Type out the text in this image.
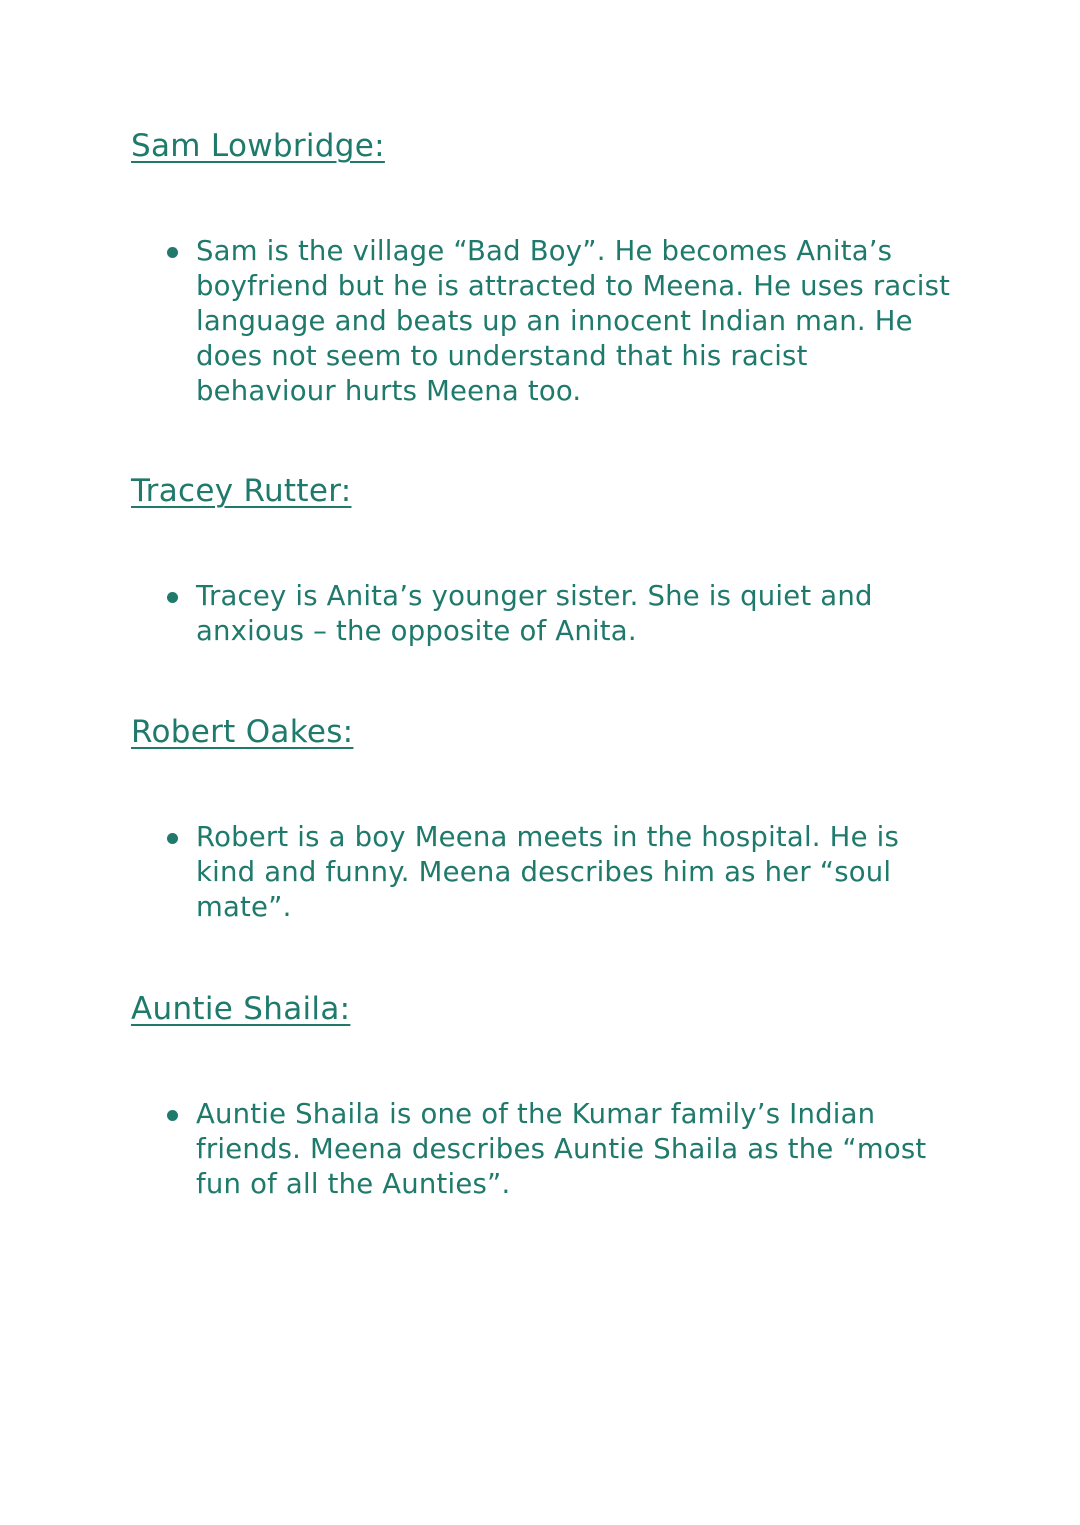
Sam Lowbridge:
Sam is the village “Bad Boy”. He becomes Anita’s boyfriend but he is attracted to Meena. He uses racist language and beats up an innocent Indian man. He does not seem to understand that his racist behaviour hurts Meena too.
Tracey Rutter:
Tracey is Anita’s younger sister. She is quiet and anxious – the opposite of Anita.
Robert Oakes:
Robert is a boy Meena meets in the hospital. He is kind and funny. Meena describes him as her “soul mate”.
Auntie Shaila:
Auntie Shaila is one of the Kumar family’s Indian friends. Meena describes Auntie Shaila as the “most fun of all the Aunties”.
